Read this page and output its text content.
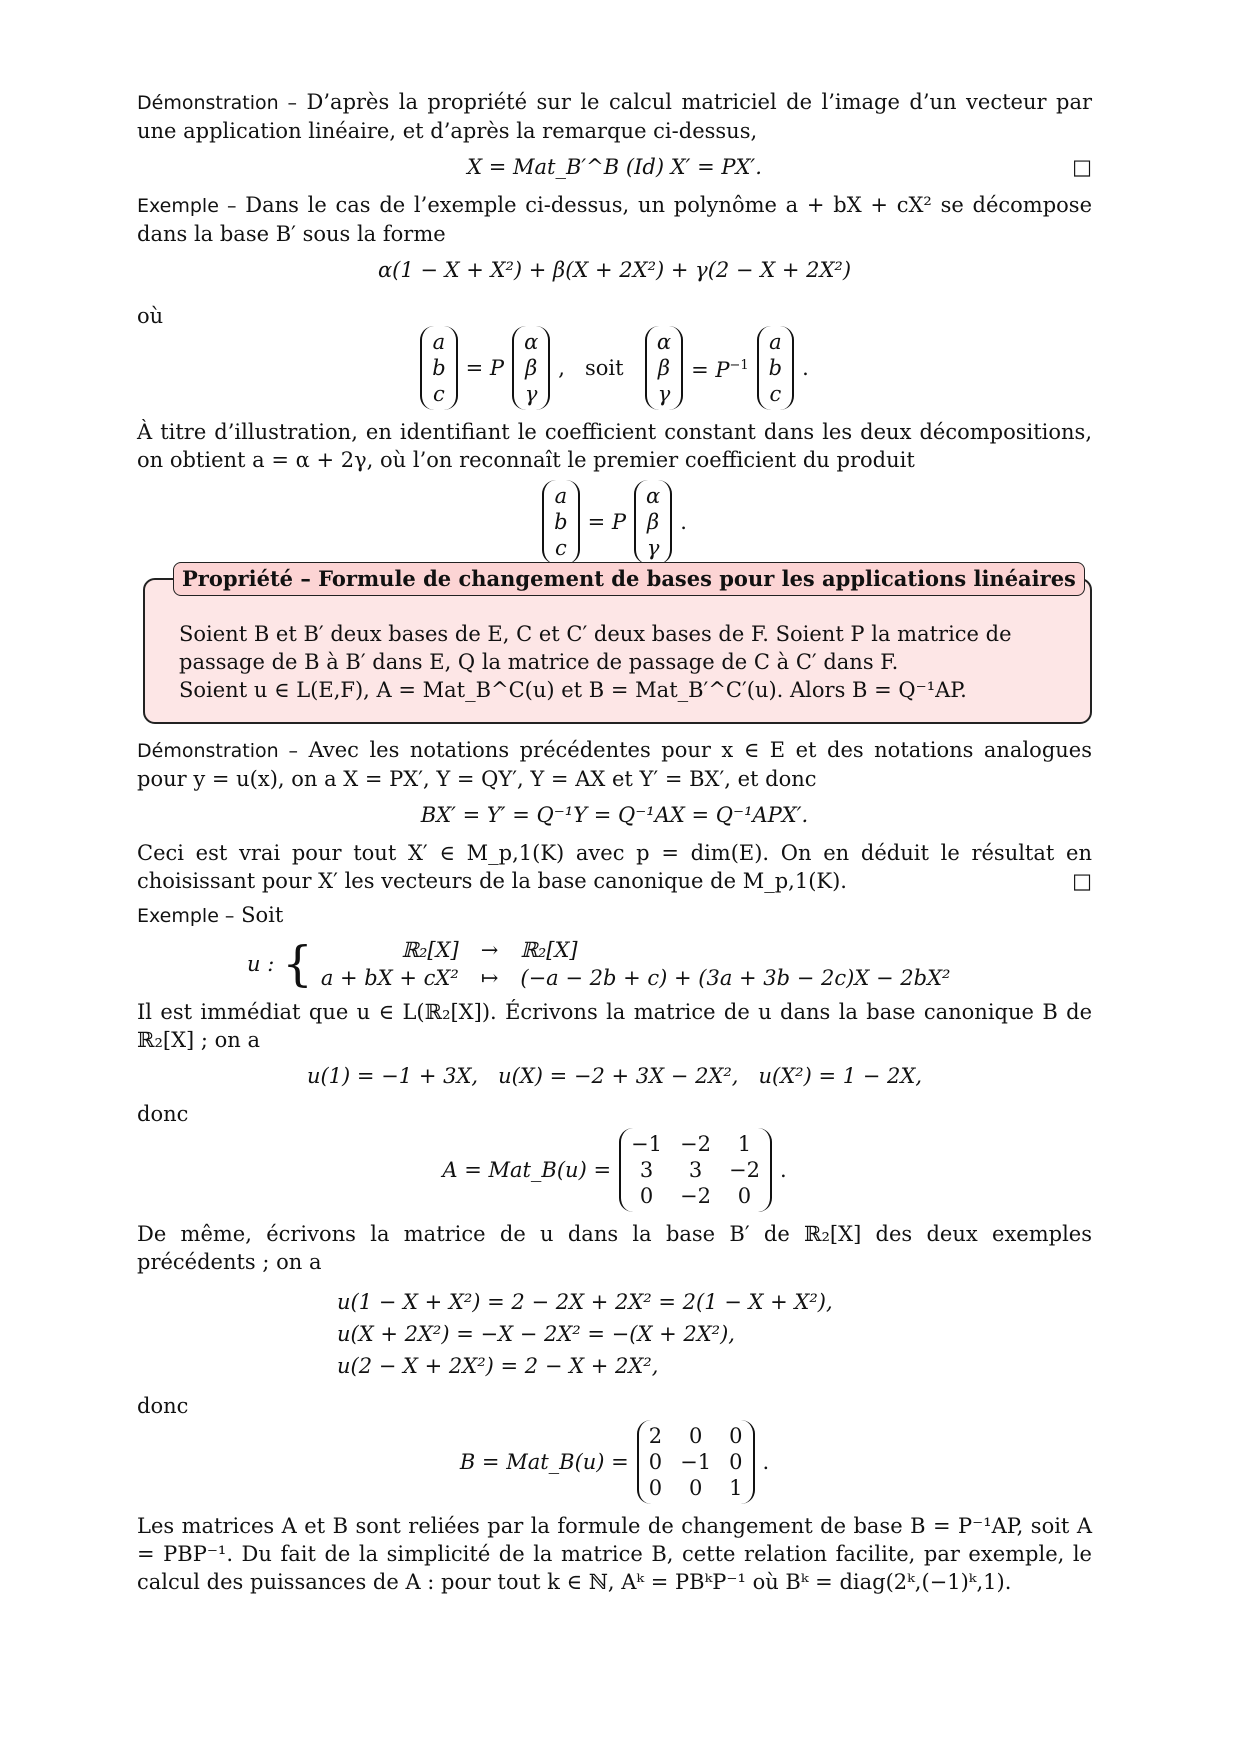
Démonstration – D’après la propriété sur le calcul matriciel de l’image d’un vecteur par une application linéaire, et d’après la remarque ci-dessus,

X = Mat_B′^B (Id) X′ = PX′.	□

Exemple – Dans le cas de l’exemple ci-dessus, un polynôme a + bX + cX² se décompose dans la base B′ sous la forme

α(1 − X + X²) + β(X + 2X²) + γ(2 − X + 2X²)

où

a
b
c
= P
α
β
γ
,   soit
α
β
γ
= $P^{-1}$
a
b
c
.

À titre d’illustration, en identifiant le coefficient constant dans les deux décompositions, on obtient a = α + 2γ, où l’on reconnaît le premier coefficient du produit

a
b
c
= P
α
β
γ
.
Propriété – Formule de changement de bases pour les applications linéaires

Soient B et B′ deux bases de E, C et C′ deux bases de F. Soient P la matrice de passage de B à B′ dans E, Q la matrice de passage de C à C′ dans F.

Soient u ∈ L(E,F), A = Mat_B^C(u) et B = Mat_B′^C′(u). Alors B = Q⁻¹AP.

Démonstration – Avec les notations précédentes pour x ∈ E et des notations analogues pour y = u(x), on a X = PX′, Y = QY′, Y = AX et Y′ = BX′, et donc

BX′ = Y′ = Q⁻¹Y = Q⁻¹AX = Q⁻¹APX′.

Ceci est vrai pour tout X′ ∈ M_p,1(K) avec p = dim(E). On en déduit le résultat en choisissant pour X′ les vecteurs de la base canonique de M_p,1(K).	□

Exemple – Soit

u : {	ℝ₂[X] → ℝ₂[X]
a + bX + cX² ↦ (−a − 2b + c) + (3a + 3b − 2c)X − 2bX²

Il est immédiat que u ∈ L(ℝ₂[X]). Écrivons la matrice de u dans la base canonique B de ℝ₂[X] ; on a

u(1) = −1 + 3X,   u(X) = −2 + 3X − 2X²,   u(X²) = 1 − 2X,

donc

A = Mat_B(u) =
−1 −2	1
3	3	−2
0	−2	0
.

De même, écrivons la matrice de u dans la base B′ de ℝ₂[X] des deux exemples précédents ; on a

u(1 − X + X²) = 2 − 2X + 2X² = 2(1 − X + X²),
u(X + 2X²) = −X − 2X² = −(X + 2X²),
u(2 − X + 2X²) = 2 − X + 2X²,

donc

B = Mat_B(u) =
2	0	0
0 −1 0
0	0	1
.

Les matrices A et B sont reliées par la formule de changement de base B = P⁻¹AP, soit A = PBP⁻¹. Du fait de la simplicité de la matrice B, cette relation facilite, par exemple, le calcul des puissances de A : pour tout k ∈ ℕ, Aᵏ = PBᵏP⁻¹ où Bᵏ = diag(2ᵏ,(−1)ᵏ,1).
